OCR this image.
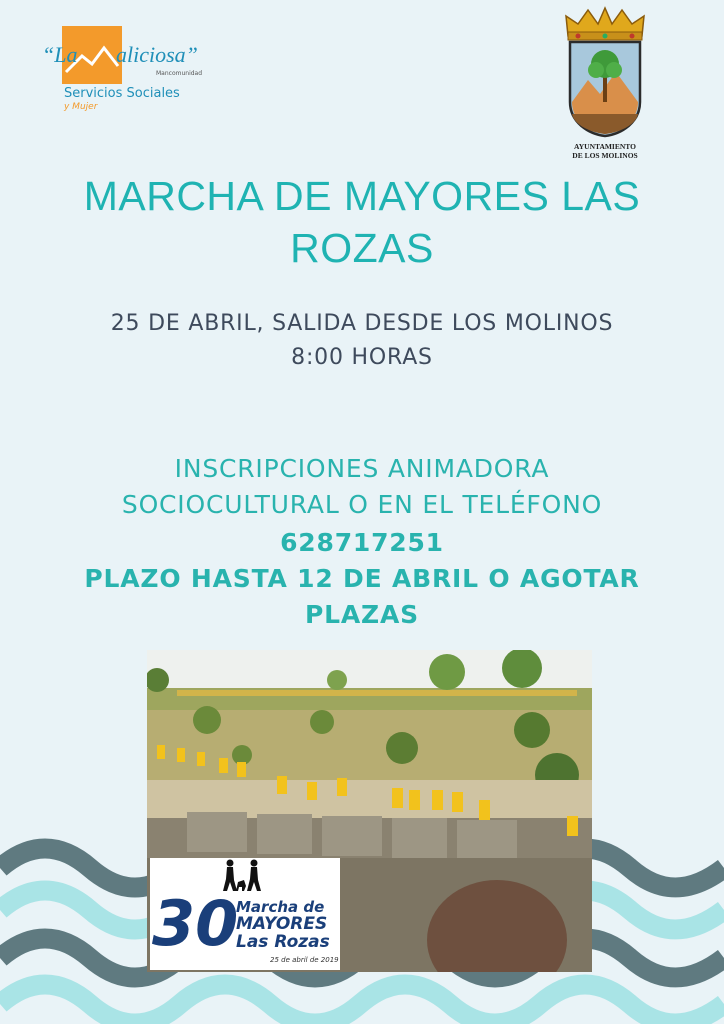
“La aliciosa”
Mancomunidad
Servicios Sociales
y Mujer
AYUNTAMIENTO
DE LOS MOLINOS
MARCHA DE MAYORES LAS
ROZAS
25 DE ABRIL, SALIDA DESDE LOS MOLINOS
8:00 HORAS
INSCRIPCIONES ANIMADORA
SOCIOCULTURAL O EN EL TELÉFONO
628717251
PLAZO HASTA 12 DE ABRIL O AGOTAR
PLAZAS
30
Marcha de
MAYORES
Las Rozas
25 de abril de 2019
